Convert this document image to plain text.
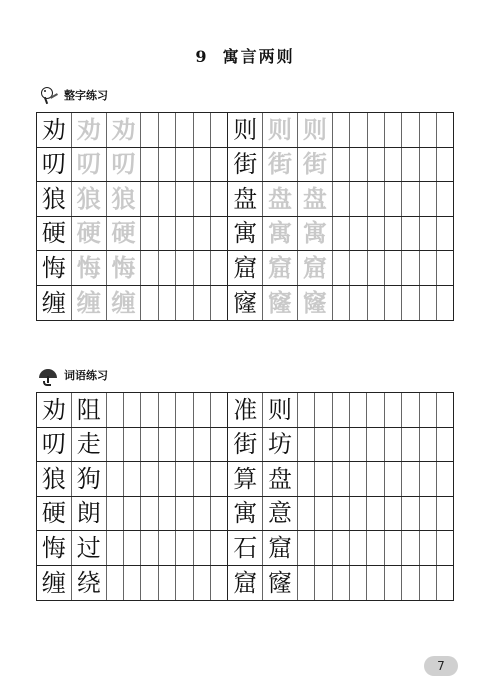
9 寓言两则
整字练习
劝 劝 劝	则 则 则
叨 叨 叨	街 街 街
狼 狼 狼	盘 盘 盘
硬 硬 硬	寓 寓 寓
悔 悔 悔	窟 窟 窟
缠 缠 缠	窿 窿 窿
词语练习
劝 阻	准 则
叨 走	街 坊
狼 狗	算 盘
硬 朗	寓 意
悔 过	石 窟
缠 绕	窟 窿
7
